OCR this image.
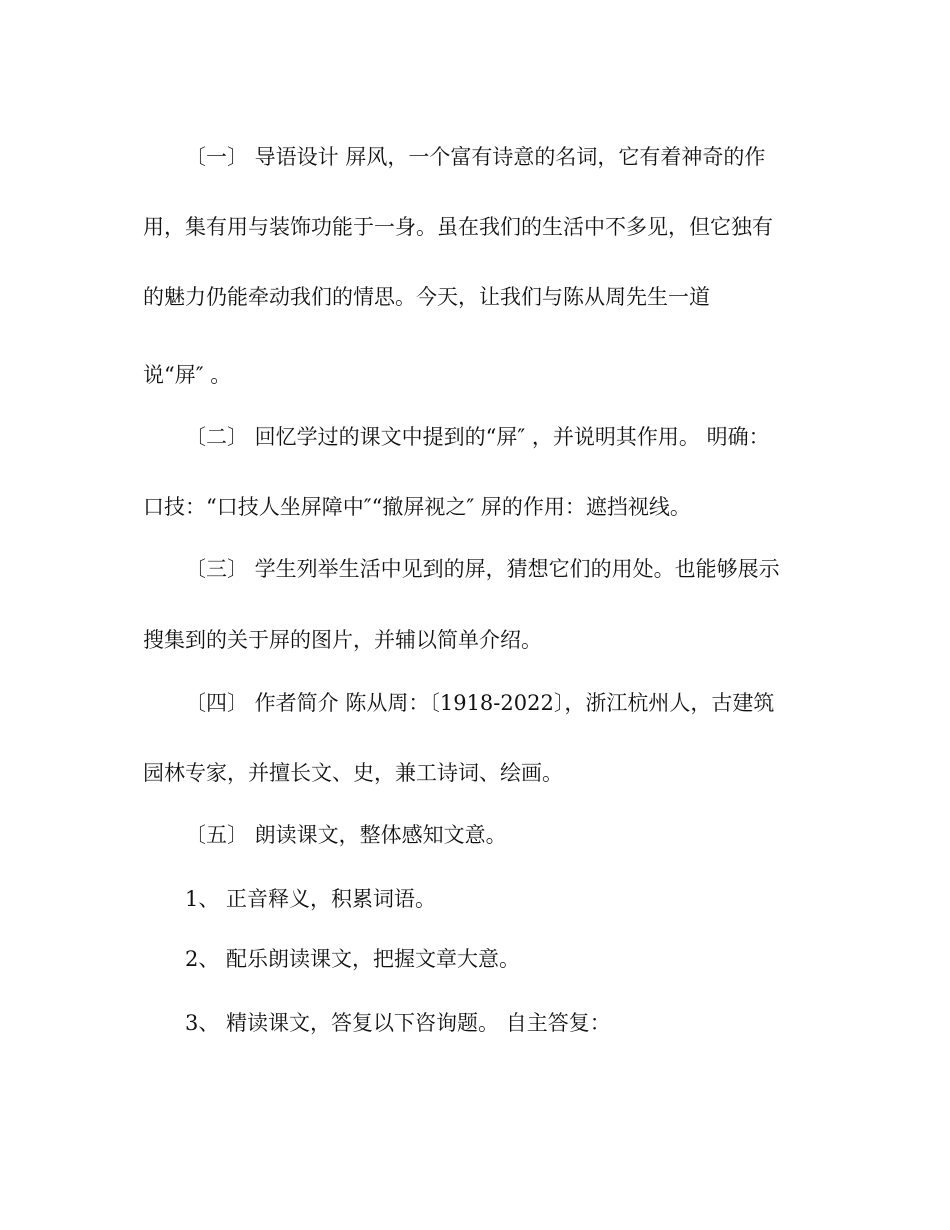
〔一〕 导语设计 屏风，一个富有诗意的名词，它有着神奇的作
用，集有用与装饰功能于一身。虽在我们的生活中不多见，但它独有
的魅力仍能牵动我们的情思。今天，让我们与陈从周先生一道
说“屏″ 。
〔二〕 回忆学过的课文中提到的“屏″ ，并说明其作用。 明确：
口技：“口技人坐屏障中″“撤屏视之″ 屏的作用：遮挡视线。
〔三〕 学生列举生活中见到的屏，猜想它们的用处。也能够展示
搜集到的关于屏的图片，并辅以简单介绍。
〔四〕 作者简介 陈从周：〔1918-2022〕，浙江杭州人，古建筑
园林专家，并擅长文、史，兼工诗词、绘画。
〔五〕 朗读课文，整体感知文意。
1、 正音释义，积累词语。
2、 配乐朗读课文，把握文章大意。
3、 精读课文，答复以下咨询题。 自主答复：
